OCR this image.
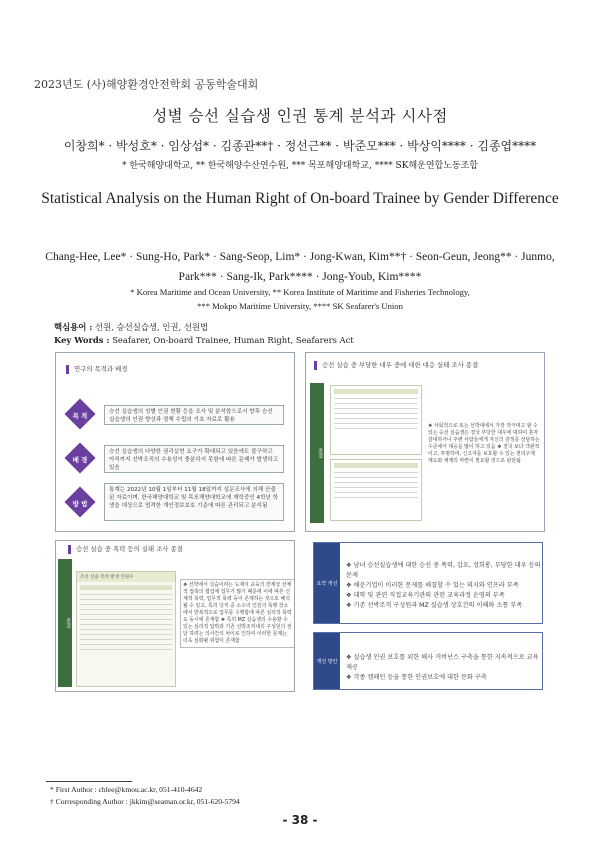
2023년도 (사)해양환경안전학회 공동학술대회
성별 승선 실습생 인권 통계 분석과 시사점
이창희* · 박성호* · 임상섭* · 김종관**† · 정선근** · 박준모*** · 박상익**** · 김종엽****
* 한국해양대학교, ** 한국해양수산연수원, *** 목포해양대학교, **** SK해운연합노동조합
Statistical Analysis on the Human Right of On-board Trainee by Gender Difference
Chang-Hee, Lee* · Sung-Ho, Park* · Sang-Seop, Lim* · Jong-Kwan, Kim**† · Seon-Geun, Jeong** · Junmo, Park*** · Sang-Ik, Park**** · Jong-Youb, Kim****
* Korea Maritime and Ocean University, ** Korea Institute of Maritime and Fisheries Technology,
*** Mokpo Maritime University, **** SK Seafarer's Union
핵심용어 : 선원, 승선실습생, 인권, 선원법
Key Words : Seafarer, On-board Trainee, Human Right, Seafarers Act
연구의 목적과 배경
목 적	승선 실습생의 성별 인권 현황 등을 조사 및 분석함으로서 향후 승선 실습생의 인권 향상과 정책 수립의 기초 자료로 활용
배 경
승선 실습생의 다양한 권리실현 요구가 확대되고 있음에도 불구하고 아직까지 선박조직의 수용성이 충분하지 못함에 따른 문제가 발생하고 있음
방 법
통계는 2022년 10월 1일부터 11월 18일까지 설문조사에 의해 산출된 자료이며, 한국해양대학교 및 목포해양대학교에 재학중인 4학년 학생을 대상으로 엄격한 개인정보보호 기준에 따른 관리되고 분석됨
승선 실습 중 부당한 대우 중에 대한 대응 실태 조사 종결
종결
❖ 사회적으로 또는 선박내에서 가장 적극대고 할 수 있는 승선 실습생은 결국 부당한 대우에 대하여 혼자 감내하거나 주변 사람들에게 자신의 감정을 상담하는 수준에서 대응을 많이 하고 있음 ❖ 결국 보다 객관적이고, 투명하며, 신고자를 보호할 수 있는 권리구제 제도와 체계의 마련이 필요할 것으로 판단됨
승선 실습 중 폭력 등의 실태 조사 종결
종결
조선 실습 폭력 발생 인원수
❖ 선박에서 실습이라는 도제식 교육의 한계상 선체적 접촉의 협업에 업무가 많기 때문에 이에 따른 신체적 폭력, 업무적 폭력 등이 존재하는 것으로 해석될 수 있고, 특히 당직 중 소수의 인원의 폭행 장소에서 반복적으로 업무를 수행함에 따른 심리적 폭력도 동시에 존재함 ❖ 특히 MZ 실습생의 수용할 수 있는 심리적 압박과 기존 선박조직내의 구성원의 전달 하려는 의사간의 차이로 인하여 이러한 문제는 더욱 심화될 위험이 존재함
요약 개선
❖ 남녀 승선실습생에 대한 승선 중 폭력, 갑요, 성희롱, 부당한 대우 등의 문제
❖ 해운기업이 이러한 문제를 해결할 수 있는 의지와 인프라 부족
❖ 대학 및 관련 직접교육기관의 관련 교육과정 운영의 부족
❖ 기존 선박조직 구성원과 MZ 실습생 상호간의 이해와 소통 부족
개선 방안
❖ 실습생 인권 보호를 위한 해사 거버넌스 구축을 통한 지속적으로 교육 제공
❖ 각종 캠페인 등을 통한 인권보호에 대한 문화 구축
* First Author : chlee@kmou.ac.kr, 051-410-4642
† Corresponding Author : jkkim@seaman.or.kr, 051-620-5794
- 38 -
